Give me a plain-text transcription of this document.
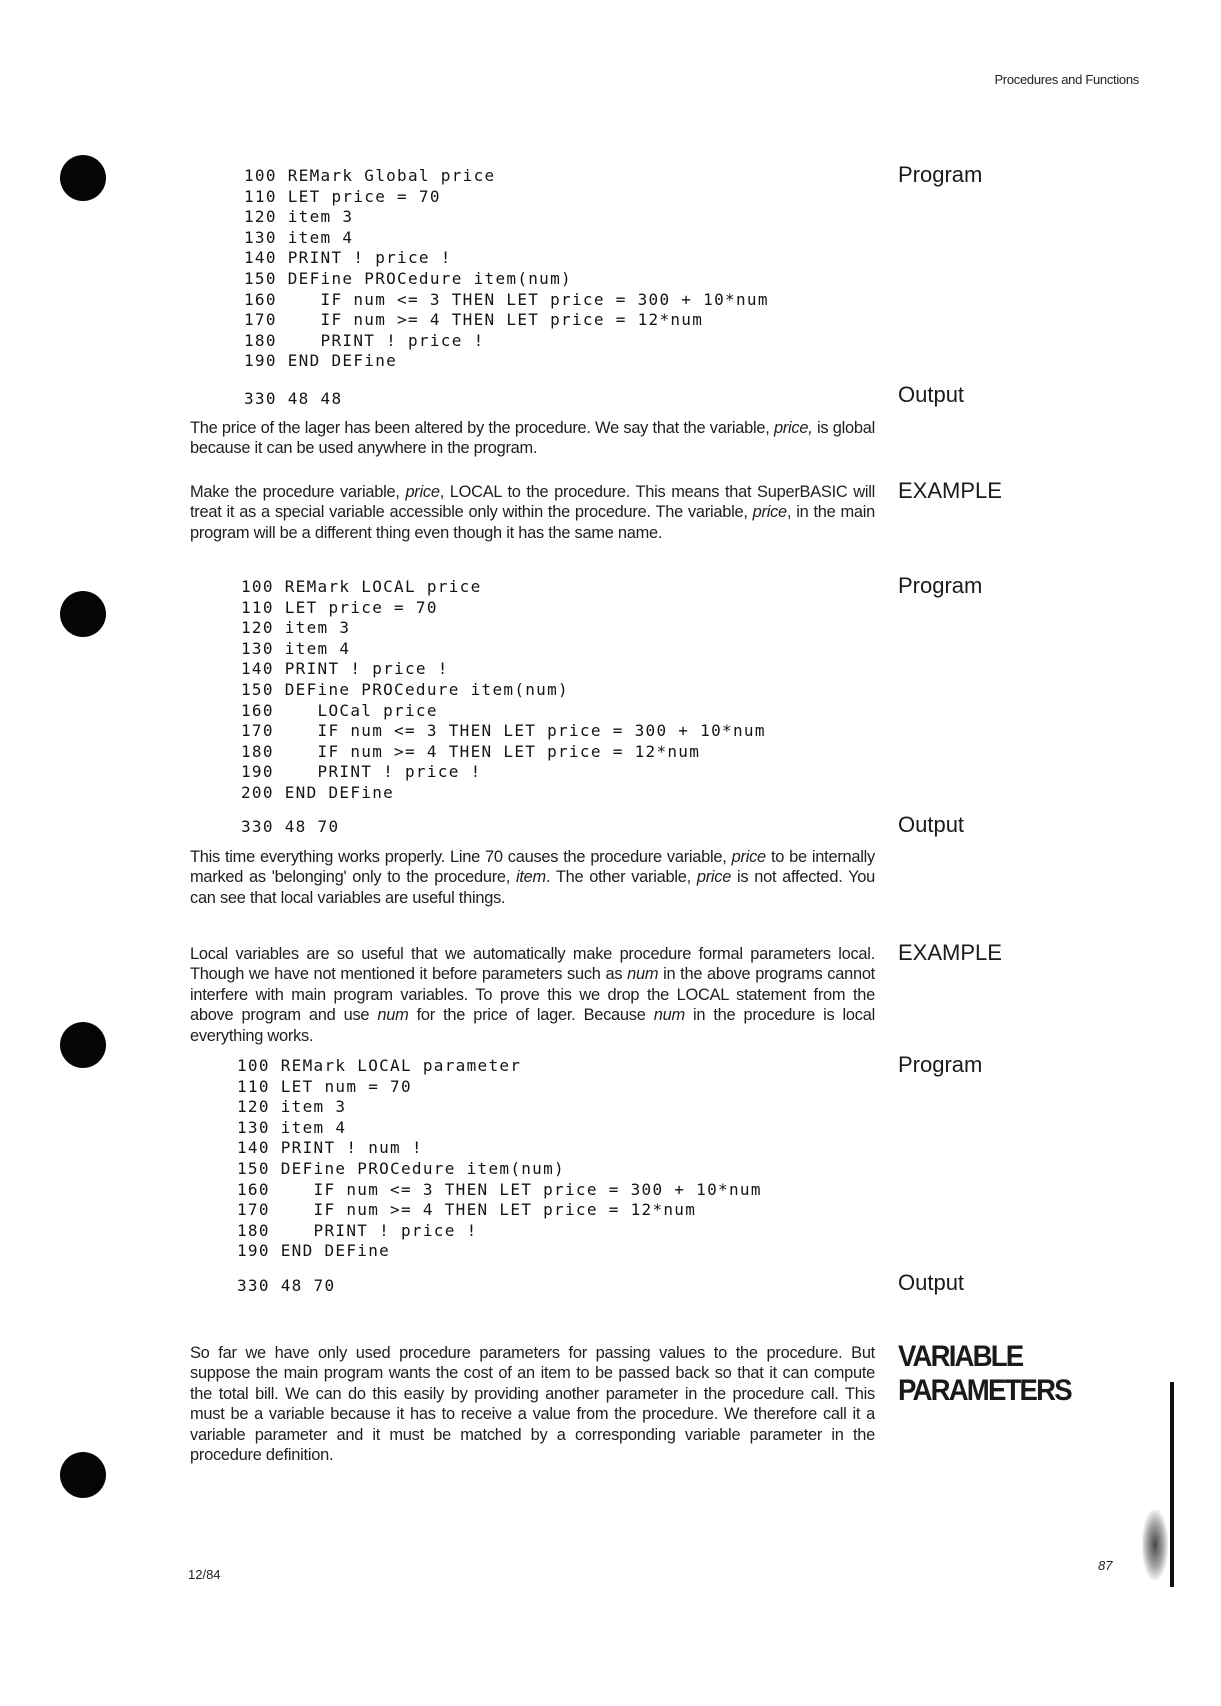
Procedures and Functions
Program
100 REMark Global price
110 LET price = 70
120 item 3
130 item 4
140 PRINT ! price !
150 DEFine PROCedure item(num)
160    IF num <= 3 THEN LET price = 300 + 10*num
170    IF num >= 4 THEN LET price = 12*num
180    PRINT ! price !
190 END DEFine
Output
330 48 48

The price of the lager has been altered by the procedure. We say that the variable, price, is global because it can be used anywhere in the program.

EXAMPLE

Make the procedure variable, price, LOCAL to the procedure. This means that SuperBASIC will treat it as a special variable accessible only within the procedure. The variable, price, in the main program will be a different thing even though it has the same name.

Program
100 REMark LOCAL price
110 LET price = 70
120 item 3
130 item 4
140 PRINT ! price !
150 DEFine PROCedure item(num)
160    LOCal price
170    IF num <= 3 THEN LET price = 300 + 10*num
180    IF num >= 4 THEN LET price = 12*num
190    PRINT ! price !
200 END DEFine
Output
330 48 70

This time everything works properly. Line 70 causes the procedure variable, price to be internally marked as 'belonging' only to the procedure, item. The other variable, price is not affected. You can see that local variables are useful things.

EXAMPLE

Local variables are so useful that we automatically make procedure formal parameters local. Though we have not mentioned it before parameters such as num in the above programs cannot interfere with main program variables. To prove this we drop the LOCAL statement from the above program and use num for the price of lager. Because num in the procedure is local everything works.

Program
100 REMark LOCAL parameter
110 LET num = 70
120 item 3
130 item 4
140 PRINT ! num !
150 DEFine PROCedure item(num)
160    IF num <= 3 THEN LET price = 300 + 10*num
170    IF num >= 4 THEN LET price = 12*num
180    PRINT ! price !
190 END DEFine
Output
330 48 70
VARIABLE
PARAMETERS

So far we have only used procedure parameters for passing values to the procedure. But suppose the main program wants the cost of an item to be passed back so that it can compute the total bill. We can do this easily by providing another parameter in the procedure call. This must be a variable because it has to receive a value from the procedure. We therefore call it a variable parameter and it must be matched by a corresponding variable parameter in the procedure definition.

12/84
87
